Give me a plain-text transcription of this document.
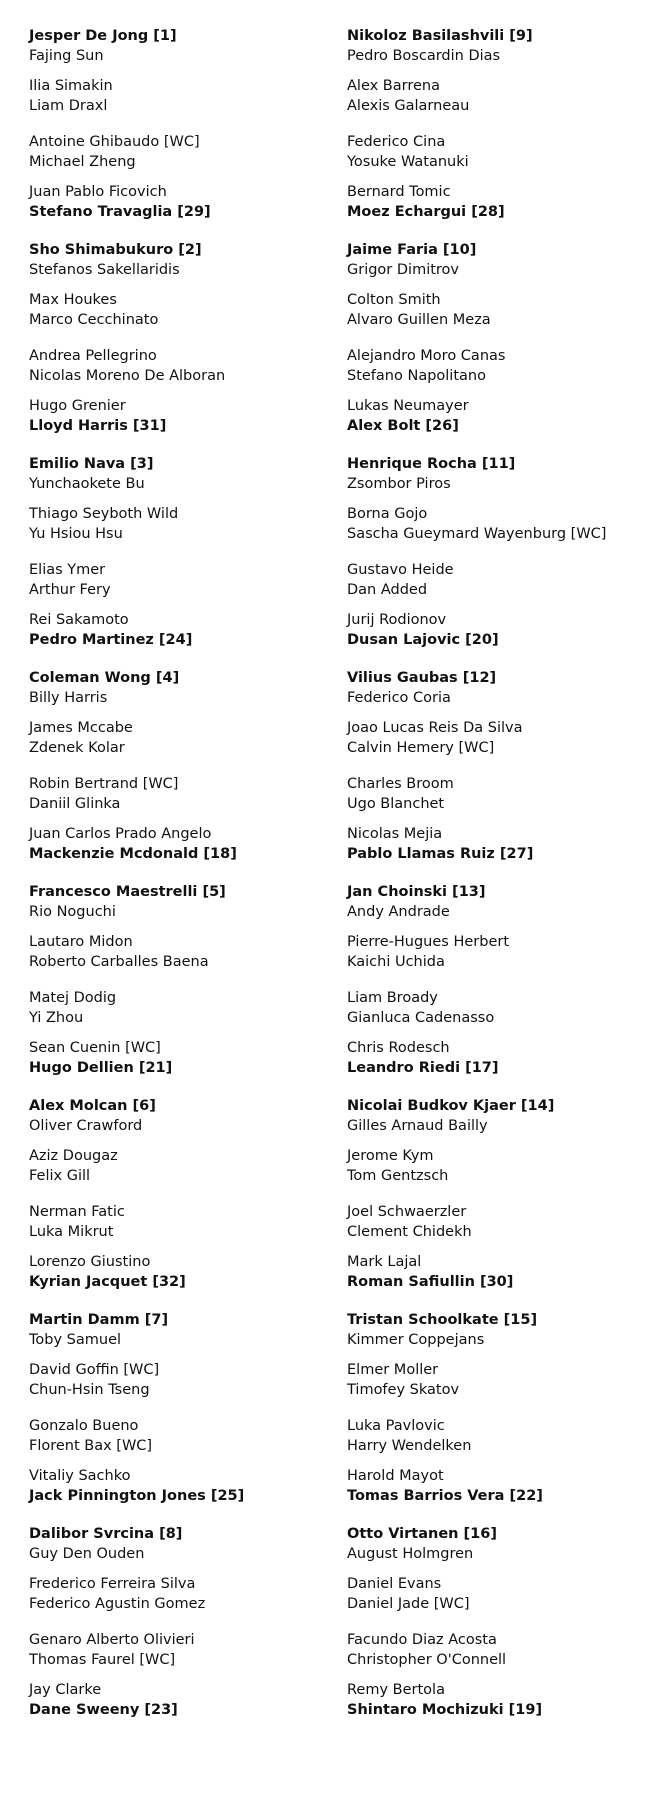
Jesper De Jong [1]
Fajing Sun
Ilia Simakin
Liam Draxl
Antoine Ghibaudo [WC]
Michael Zheng
Juan Pablo Ficovich
Stefano Travaglia [29]
Sho Shimabukuro [2]
Stefanos Sakellaridis
Max Houkes
Marco Cecchinato
Andrea Pellegrino
Nicolas Moreno De Alboran
Hugo Grenier
Lloyd Harris [31]
Emilio Nava [3]
Yunchaokete Bu
Thiago Seyboth Wild
Yu Hsiou Hsu
Elias Ymer
Arthur Fery
Rei Sakamoto
Pedro Martinez [24]
Coleman Wong [4]
Billy Harris
James Mccabe
Zdenek Kolar
Robin Bertrand [WC]
Daniil Glinka
Juan Carlos Prado Angelo
Mackenzie Mcdonald [18]
Francesco Maestrelli [5]
Rio Noguchi
Lautaro Midon
Roberto Carballes Baena
Matej Dodig
Yi Zhou
Sean Cuenin [WC]
Hugo Dellien [21]
Alex Molcan [6]
Oliver Crawford
Aziz Dougaz
Felix Gill
Nerman Fatic
Luka Mikrut
Lorenzo Giustino
Kyrian Jacquet [32]
Martin Damm [7]
Toby Samuel
David Goffin [WC]
Chun-Hsin Tseng
Gonzalo Bueno
Florent Bax [WC]
Vitaliy Sachko
Jack Pinnington Jones [25]
Dalibor Svrcina [8]
Guy Den Ouden
Frederico Ferreira Silva
Federico Agustin Gomez
Genaro Alberto Olivieri
Thomas Faurel [WC]
Jay Clarke
Dane Sweeny [23]
Nikoloz Basilashvili [9]
Pedro Boscardin Dias
Alex Barrena
Alexis Galarneau
Federico Cina
Yosuke Watanuki
Bernard Tomic
Moez Echargui [28]
Jaime Faria [10]
Grigor Dimitrov
Colton Smith
Alvaro Guillen Meza
Alejandro Moro Canas
Stefano Napolitano
Lukas Neumayer
Alex Bolt [26]
Henrique Rocha [11]
Zsombor Piros
Borna Gojo
Sascha Gueymard Wayenburg [WC]
Gustavo Heide
Dan Added
Jurij Rodionov
Dusan Lajovic [20]
Vilius Gaubas [12]
Federico Coria
Joao Lucas Reis Da Silva
Calvin Hemery [WC]
Charles Broom
Ugo Blanchet
Nicolas Mejia
Pablo Llamas Ruiz [27]
Jan Choinski [13]
Andy Andrade
Pierre-Hugues Herbert
Kaichi Uchida
Liam Broady
Gianluca Cadenasso
Chris Rodesch
Leandro Riedi [17]
Nicolai Budkov Kjaer [14]
Gilles Arnaud Bailly
Jerome Kym
Tom Gentzsch
Joel Schwaerzler
Clement Chidekh
Mark Lajal
Roman Safiullin [30]
Tristan Schoolkate [15]
Kimmer Coppejans
Elmer Moller
Timofey Skatov
Luka Pavlovic
Harry Wendelken
Harold Mayot
Tomas Barrios Vera [22]
Otto Virtanen [16]
August Holmgren
Daniel Evans
Daniel Jade [WC]
Facundo Diaz Acosta
Christopher O'Connell
Remy Bertola
Shintaro Mochizuki [19]
